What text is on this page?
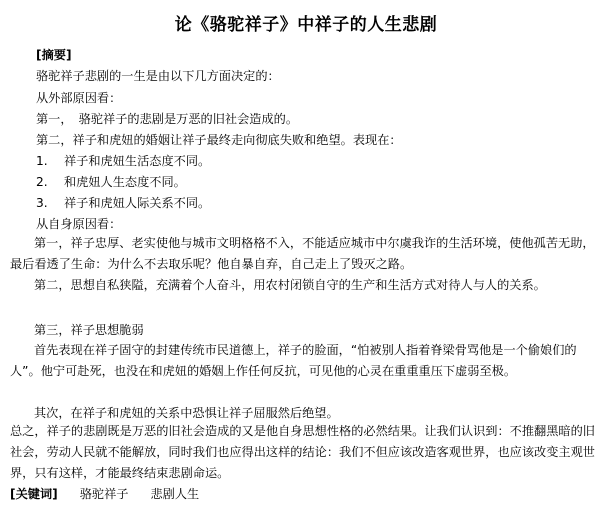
论《骆驼祥子》中祥子的人生悲剧
[摘要]
骆驼祥子悲剧的一生是由以下几方面决定的：
从外部原因看：
第一，　骆驼祥子的悲剧是万恶的旧社会造成的。
第二，祥子和虎妞的婚姻让祥子最终走向彻底失败和绝望。表现在：
1. 祥子和虎妞生活态度不同。
2. 和虎妞人生态度不同。
3. 祥子和虎妞人际关系不同。
从自身原因看：
第一，祥子忠厚、老实使他与城市文明格格不入，不能适应城市中尔虞我诈的生活环境，使他孤苦无助，最后看透了生命：为什么不去取乐呢？他自暴自弃，自己走上了毁灭之路。
第二，思想自私狭隘，充满着个人奋斗，用农村闭锁自守的生产和生活方式对待人与人的关系。
第三，祥子思想脆弱
首先表现在祥子固守的封建传统市民道德上，祥子的脸面，“怕被别人指着脊梁骨骂他是一个偷娘们的人”。他宁可赴死，也没在和虎妞的婚姻上作任何反抗，可见他的心灵在重重重压下虚弱至极。
其次，在祥子和虎妞的关系中恐惧让祥子屈服然后绝望。
总之，祥子的悲剧既是万恶的旧社会造成的又是他自身思想性格的必然结果。让我们认识到：不推翻黑暗的旧社会，劳动人民就不能解放，同时我们也应得出这样的结论：我们不但应该改造客观世界，也应该改变主观世界，只有这样，才能最终结束悲剧命运。
[关键词] 骆驼祥子 悲剧人生
